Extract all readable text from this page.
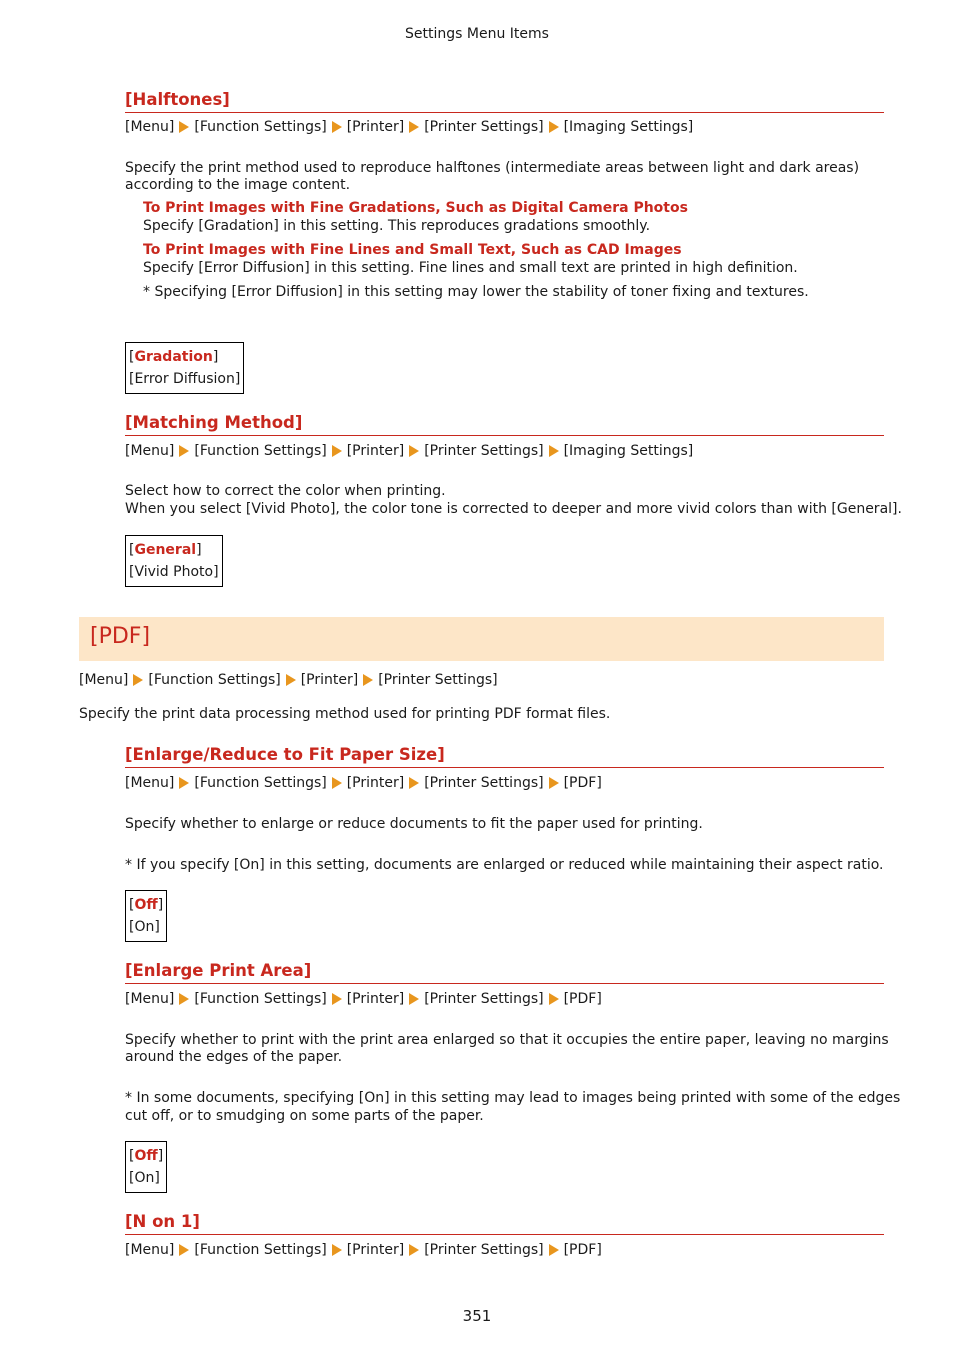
Settings Menu Items
[Halftones]
[Menu] [Function Settings] [Printer] [Printer Settings] [Imaging Settings]
Specify the print method used to reproduce halftones (intermediate areas between light and dark areas)
according to the image content.
To Print Images with Fine Gradations, Such as Digital Camera Photos
Specify [Gradation] in this setting. This reproduces gradations smoothly.
To Print Images with Fine Lines and Small Text, Such as CAD Images
Specify [Error Diffusion] in this setting. Fine lines and small text are printed in high definition.
* Specifying [Error Diffusion] in this setting may lower the stability of toner fixing and textures.
[Gradation]
[Error Diffusion]
[Matching Method]
[Menu] [Function Settings] [Printer] [Printer Settings] [Imaging Settings]
Select how to correct the color when printing.
When you select [Vivid Photo], the color tone is corrected to deeper and more vivid colors than with [General].
[General]
[Vivid Photo]
[PDF]
[Menu] [Function Settings] [Printer] [Printer Settings]
Specify the print data processing method used for printing PDF format files.
[Enlarge/Reduce to Fit Paper Size]
[Menu] [Function Settings] [Printer] [Printer Settings] [PDF]
Specify whether to enlarge or reduce documents to fit the paper used for printing.
* If you specify [On] in this setting, documents are enlarged or reduced while maintaining their aspect ratio.
[Off]
[On]
[Enlarge Print Area]
[Menu] [Function Settings] [Printer] [Printer Settings] [PDF]
Specify whether to print with the print area enlarged so that it occupies the entire paper, leaving no margins
around the edges of the paper.
* In some documents, specifying [On] in this setting may lead to images being printed with some of the edges
cut off, or to smudging on some parts of the paper.
[Off]
[On]
[N on 1]
[Menu] [Function Settings] [Printer] [Printer Settings] [PDF]
351
